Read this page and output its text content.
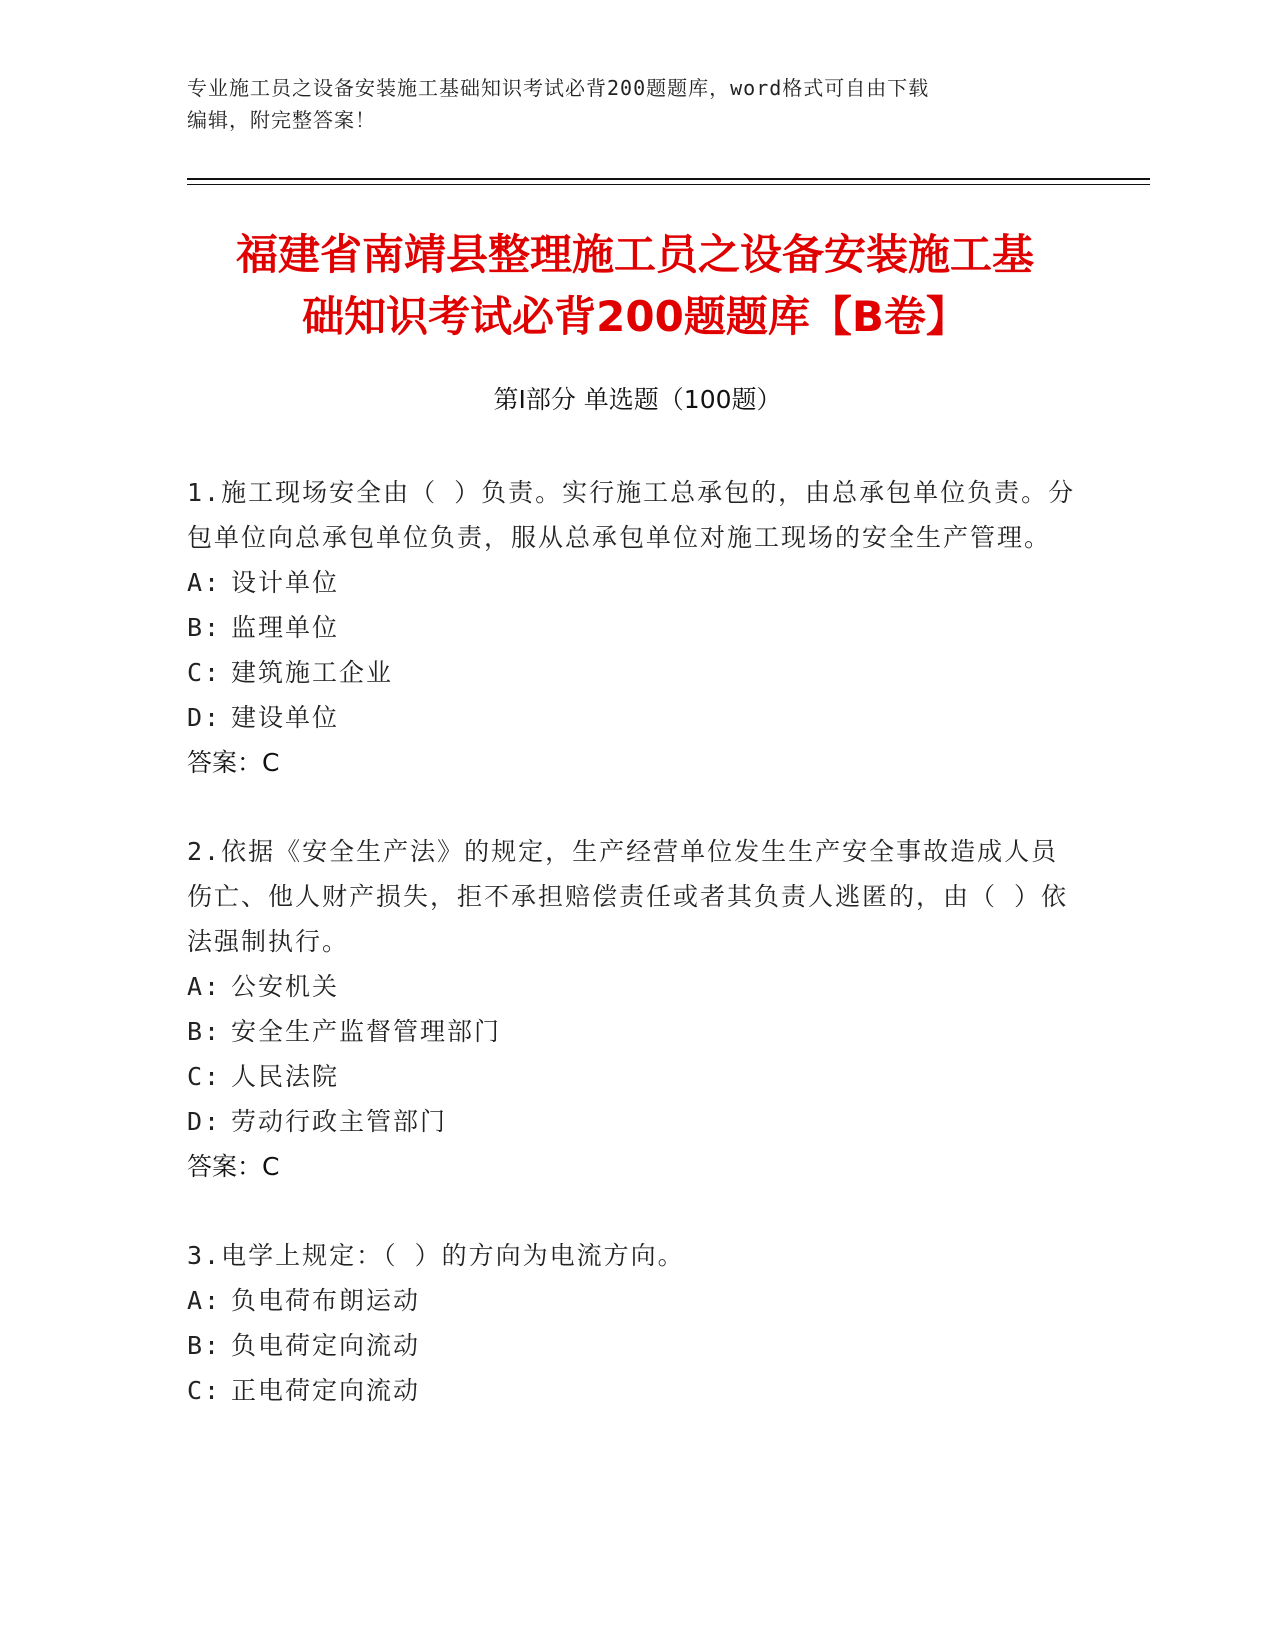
专业施工员之设备安装施工基础知识考试必背200题题库，word格式可自由下载
编辑，附完整答案！
福建省南靖县整理施工员之设备安装施工基
础知识考试必背200题题库【B卷】
第Ⅰ部分 单选题（100题）

1.施工现场安全由（ ）负责。实行施工总承包的，由总承包单位负责。分包单位向总承包单位负责，服从总承包单位对施工现场的安全生产管理。

A: 设计单位

B: 监理单位

C: 建筑施工企业

D: 建设单位

答案：C

2.依据《安全生产法》的规定，生产经营单位发生生产安全事故造成人员伤亡、他人财产损失，拒不承担赔偿责任或者其负责人逃匿的，由（ ）依法强制执行。

A: 公安机关

B: 安全生产监督管理部门

C: 人民法院

D: 劳动行政主管部门

答案：C

3.电学上规定：（ ）的方向为电流方向。

A: 负电荷布朗运动

B: 负电荷定向流动

C: 正电荷定向流动
